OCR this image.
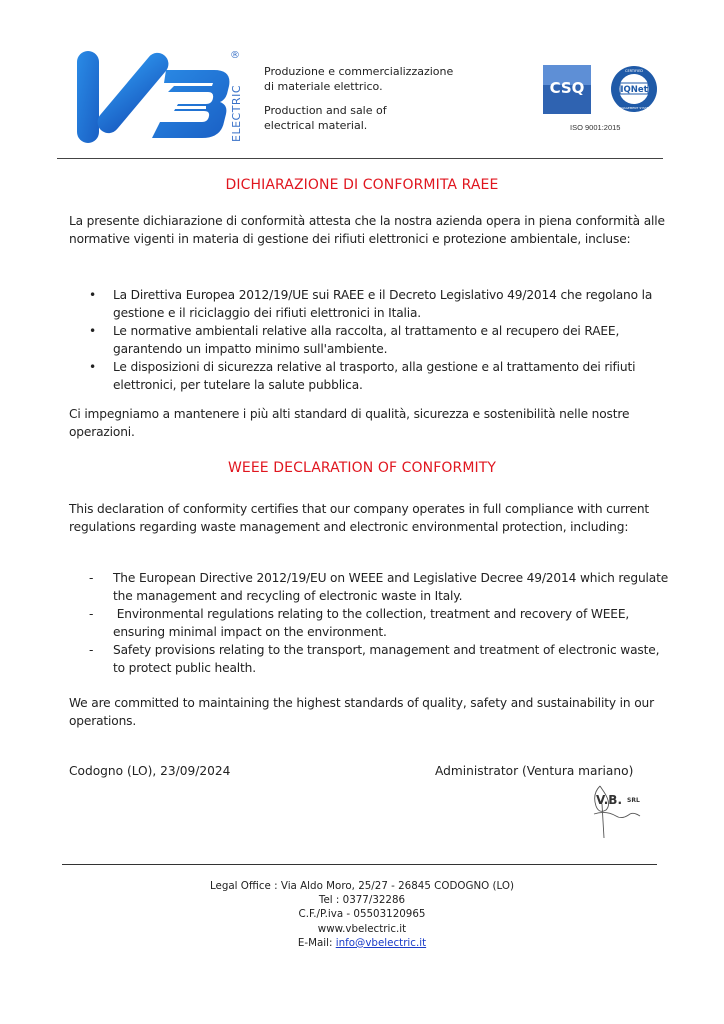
ELECTRIC
®

Produzione e commercializzazione
di materiale elettrico.

Production and sale of
electrical material.

CSQ	IQNet
CERTIFIED
MANAGEMENT SYSTEM
ISO 9001:2015
DICHIARAZIONE DI CONFORMITA RAEE

La presente dichiarazione di conformità attesta che la nostra azienda opera in piena conformità alle normative vigenti in materia di gestione dei rifiuti elettronici e protezione ambientale, incluse:

• La Direttiva Europea 2012/19/UE sui RAEE e il Decreto Legislativo 49/2014 che regolano la gestione e il riciclaggio dei rifiuti elettronici in Italia.
• Le normative ambientali relative alla raccolta, al trattamento e al recupero dei RAEE, garantendo un impatto minimo sull'ambiente.
• Le disposizioni di sicurezza relative al trasporto, alla gestione e al trattamento dei rifiuti elettronici, per tutelare la salute pubblica.

Ci impegniamo a mantenere i più alti standard di qualità, sicurezza e sostenibilità nelle nostre operazioni.

WEEE DECLARATION OF CONFORMITY

This declaration of conformity certifies that our company operates in full compliance with current regulations regarding waste management and electronic environmental protection, including:

- The European Directive 2012/19/EU on WEEE and Legislative Decree 49/2014 which regulate the management and recycling of electronic waste in Italy.
- Environmental regulations relating to the collection, treatment and recovery of WEEE, ensuring minimal impact on the environment.
- Safety provisions relating to the transport, management and treatment of electronic waste, to protect public health.

We are committed to maintaining the highest standards of quality, safety and sustainability in our operations.

Codogno (LO), 23/09/2024	Administrator (Ventura mariano)
V.B. SRL
Legal Office : Via Aldo Moro, 25/27 - 26845 CODOGNO (LO)
Tel : 0377/32286
C.F./P.iva - 05503120965
www.vbelectric.it
E-Mail: info@vbelectric.it
